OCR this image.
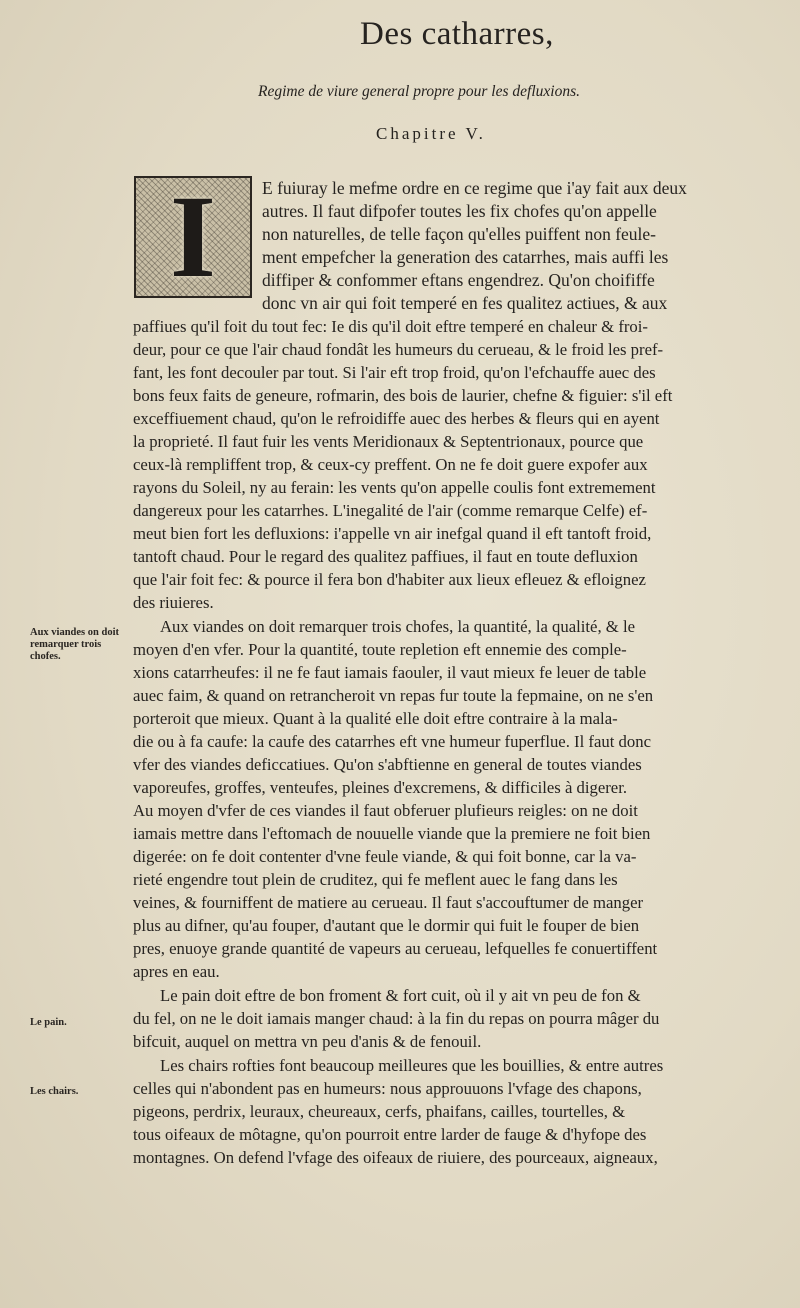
Des catharres,
Regime de viure general propre pour les defluxions.
Chapitre V.
I	E fuiuray le mefme ordre en ce regime que i'ay fait aux deux
autres. Il faut difpofer toutes les fix chofes qu'on appelle
non naturelles, de telle façon qu'elles puiffent non feule-
ment empefcher la generation des catarrhes, mais auffi les
diffiper & confommer eftans engendrez. Qu'on choififfe
donc vn air qui foit temperé en fes qualitez actiues, & aux
paffiues qu'il foit du tout fec: Ie dis qu'il doit eftre temperé en chaleur & froi-
deur, pour ce que l'air chaud fondât les humeurs du cerueau, & le froid les pref-
fant, les font decouler par tout. Si l'air eft trop froid, qu'on l'efchauffe auec des
bons feux faits de geneure, rofmarin, des bois de laurier, chefne & figuier: s'il eft
exceffiuement chaud, qu'on le refroidiffe auec des herbes & fleurs qui en ayent
la proprieté. Il faut fuir les vents Meridionaux & Septentrionaux, pource que
ceux-là rempliffent trop, & ceux-cy preffent. On ne fe doit guere expofer aux
rayons du Soleil, ny au ferain: les vents qu'on appelle coulis font extremement
dangereux pour les catarrhes. L'inegalité de l'air (comme remarque Celfe) ef-
meut bien fort les defluxions: i'appelle vn air inefgal quand il eft tantoft froid,
tantoft chaud. Pour le regard des qualitez paffiues, il faut en toute defluxion
que l'air foit fec: & pource il fera bon d'habiter aux lieux efleuez & efloignez
des riuieres.
Aux viandes on doit remarquer trois chofes, la quantité, la qualité, & le
moyen d'en vfer. Pour la quantité, toute repletion eft ennemie des comple-
xions catarrheufes: il ne fe faut iamais faouler, il vaut mieux fe leuer de table
auec faim, & quand on retrancheroit vn repas fur toute la fepmaine, on ne s'en
porteroit que mieux. Quant à la qualité elle doit eftre contraire à la mala-
die ou à fa caufe: la caufe des catarrhes eft vne humeur fuperflue. Il faut donc
vfer des viandes deficcatiues. Qu'on s'abftienne en general de toutes viandes
vaporeufes, groffes, venteufes, pleines d'excremens, & difficiles à digerer.
Au moyen d'vfer de ces viandes il faut obferuer plufieurs reigles: on ne doit
iamais mettre dans l'eftomach de nouuelle viande que la premiere ne foit bien
digerée: on fe doit contenter d'vne feule viande, & qui foit bonne, car la va-
rieté engendre tout plein de cruditez, qui fe meflent auec le fang dans les
veines, & fourniffent de matiere au cerueau. Il faut s'accouftumer de manger
plus au difner, qu'au fouper, d'autant que le dormir qui fuit le fouper de bien
pres, enuoye grande quantité de vapeurs au cerueau, lefquelles fe conuertiffent
apres en eau.
Le pain doit eftre de bon froment & fort cuit, où il y ait vn peu de fon &
du fel, on ne le doit iamais manger chaud: à la fin du repas on pourra mâger du
bifcuit, auquel on mettra vn peu d'anis & de fenouil.
Les chairs rofties font beaucoup meilleures que les bouillies, & entre autres
celles qui n'abondent pas en humeurs: nous approuuons l'vfage des chapons,
pigeons, perdrix, leuraux, cheureaux, cerfs, phaifans, cailles, tourtelles, &
tous oifeaux de môtagne, qu'on pourroit entre larder de fauge & d'hyfope des
montagnes. On defend l'vfage des oifeaux de riuiere, des pourceaux, aigneaux,
Aux viandes on doit remarquer trois chofes.
Le pain.
Les chairs.
